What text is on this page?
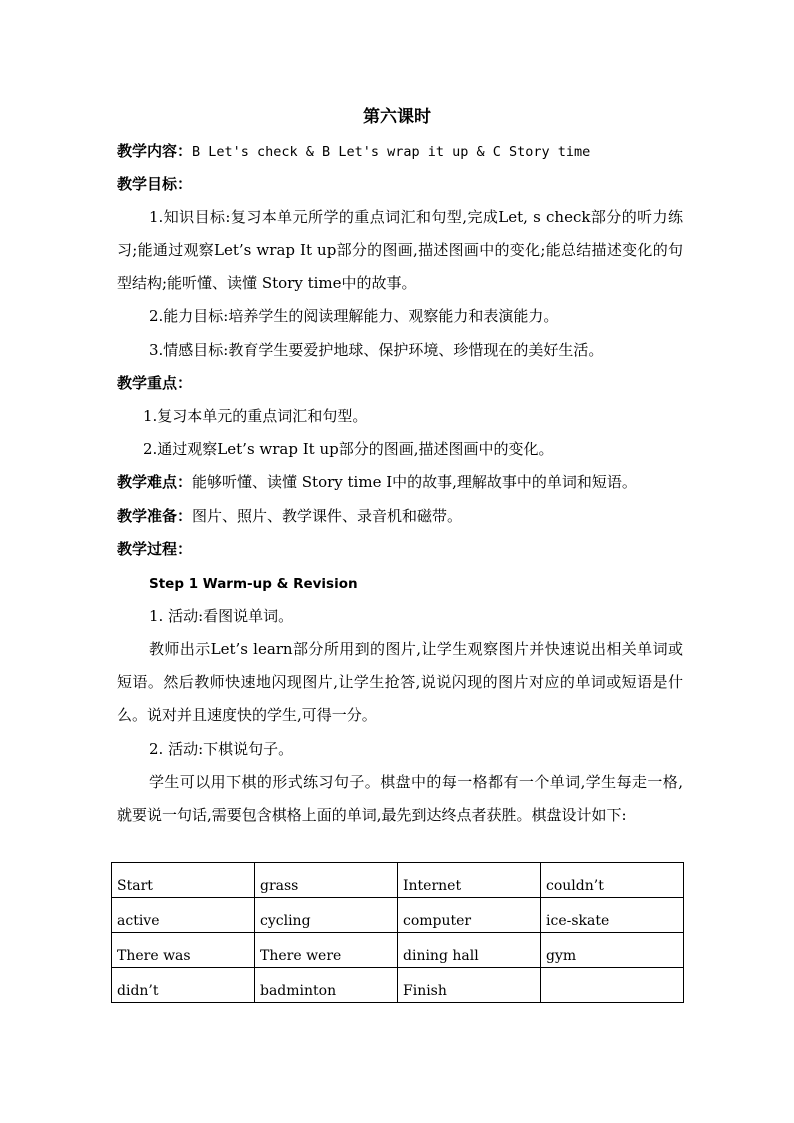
第六课时
教学内容：B Let's check & B Let's wrap it up & C Story time
教学目标：
1.知识目标:复习本单元所学的重点词汇和句型,完成Let, s check部分的听力练习;能通过观察Let’s wrap It up部分的图画,描述图画中的变化;能总结描述变化的句型结构;能听懂、读懂 Story time中的故事。
2.能力目标:培养学生的阅读理解能力、观察能力和表演能力。
3.情感目标:教育学生要爱护地球、保护环境、珍惜现在的美好生活。
教学重点：
1.复习本单元的重点词汇和句型。
2.通过观察Let’s wrap It up部分的图画,描述图画中的变化。
教学难点：能够听懂、读懂 Story time I中的故事,理解故事中的单词和短语。
教学准备：图片、照片、教学课件、录音机和磁带。
教学过程：
Step 1 Warm-up & Revision
1. 活动:看图说单词。
教师出示Let’s learn部分所用到的图片,让学生观察图片并快速说出相关单词或短语。然后教师快速地闪现图片,让学生抢答,说说闪现的图片对应的单词或短语是什么。说对并且速度快的学生,可得一分。
2. 活动:下棋说句子。
学生可以用下棋的形式练习句子。棋盘中的每一格都有一个单词,学生每走一格,就要说一句话,需要包含棋格上面的单词,最先到达终点者获胜。棋盘设计如下:
Start	grass	Internet	couldn’t
active	cycling	computer	ice-skate
There was	There were	dining hall	gym
didn’t	badminton	Finish	
